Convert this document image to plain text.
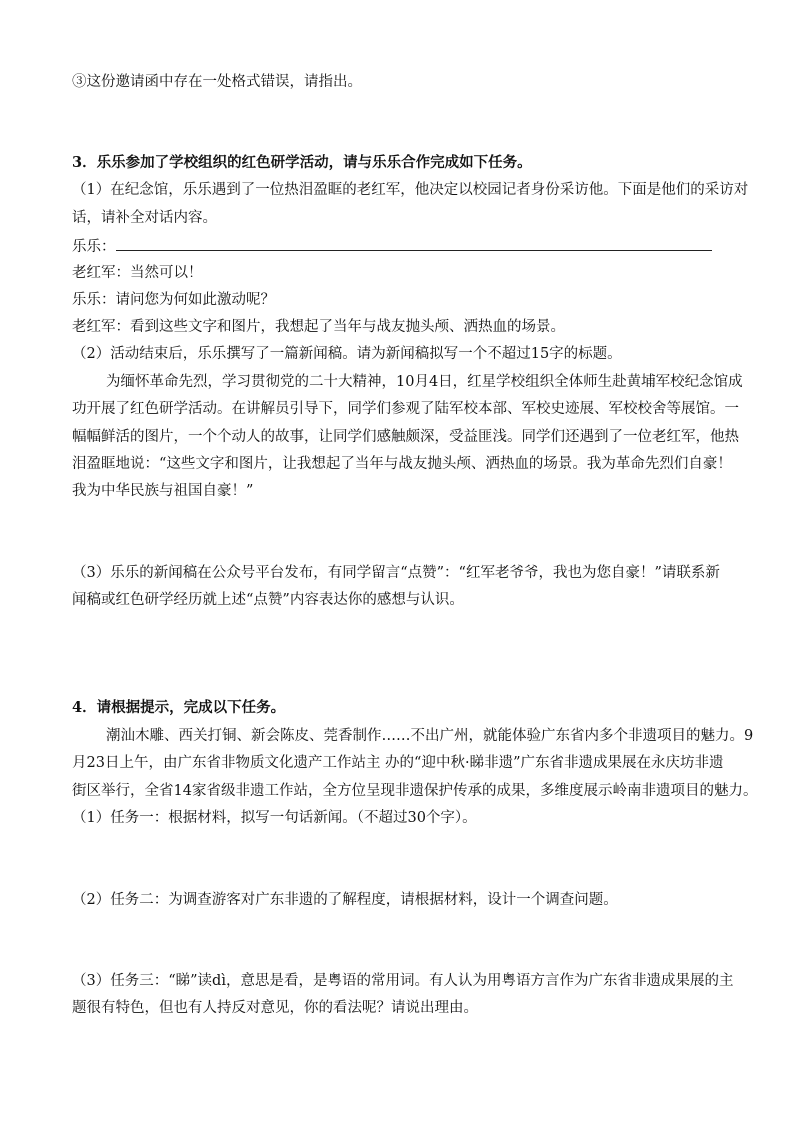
③这份邀请函中存在一处格式错误，请指出。
3．乐乐参加了学校组织的红色研学活动，请与乐乐合作完成如下任务。
（1）在纪念馆，乐乐遇到了一位热泪盈眶的老红军，他决定以校园记者身份采访他。下面是他们的采访对
话，请补全对话内容。
乐乐：
老红军：当然可以！
乐乐：请问您为何如此激动呢？
老红军：看到这些文字和图片，我想起了当年与战友抛头颅、洒热血的场景。
（2）活动结束后，乐乐撰写了一篇新闻稿。请为新闻稿拟写一个不超过15字的标题。
为缅怀革命先烈，学习贯彻党的二十大精神，10月4日，红星学校组织全体师生赴黄埔军校纪念馆成
功开展了红色研学活动。在讲解员引导下，同学们参观了陆军校本部、军校史迹展、军校校舍等展馆。一
幅幅鲜活的图片，一个个动人的故事，让同学们感触颇深，受益匪浅。同学们还遇到了一位老红军，他热
泪盈眶地说：“这些文字和图片，让我想起了当年与战友抛头颅、洒热血的场景。我为革命先烈们自豪！
我为中华民族与祖国自豪！”
（3）乐乐的新闻稿在公众号平台发布，有同学留言“点赞”：“红军老爷爷，我也为您自豪！”请联系新
闻稿或红色研学经历就上述“点赞”内容表达你的感想与认识。
4．请根据提示，完成以下任务。
潮汕木雕、西关打铜、新会陈皮、莞香制作……不出广州，就能体验广东省内多个非遗项目的魅力。9
月23日上午，由广东省非物质文化遗产工作站主 办的“迎中秋·睇非遗”广东省非遗成果展在永庆坊非遗
街区举行，全省14家省级非遗工作站，全方位呈现非遗保护传承的成果，多维度展示岭南非遗项目的魅力。
（1）任务一：根据材料，拟写一句话新闻。（不超过30个字）。
（2）任务二：为调查游客对广东非遗的了解程度，请根据材料，设计一个调查问题。
（3）任务三：“睇”读dì，意思是看，是粤语的常用词。有人认为用粤语方言作为广东省非遗成果展的主
题很有特色，但也有人持反对意见，你的看法呢？请说出理由。
